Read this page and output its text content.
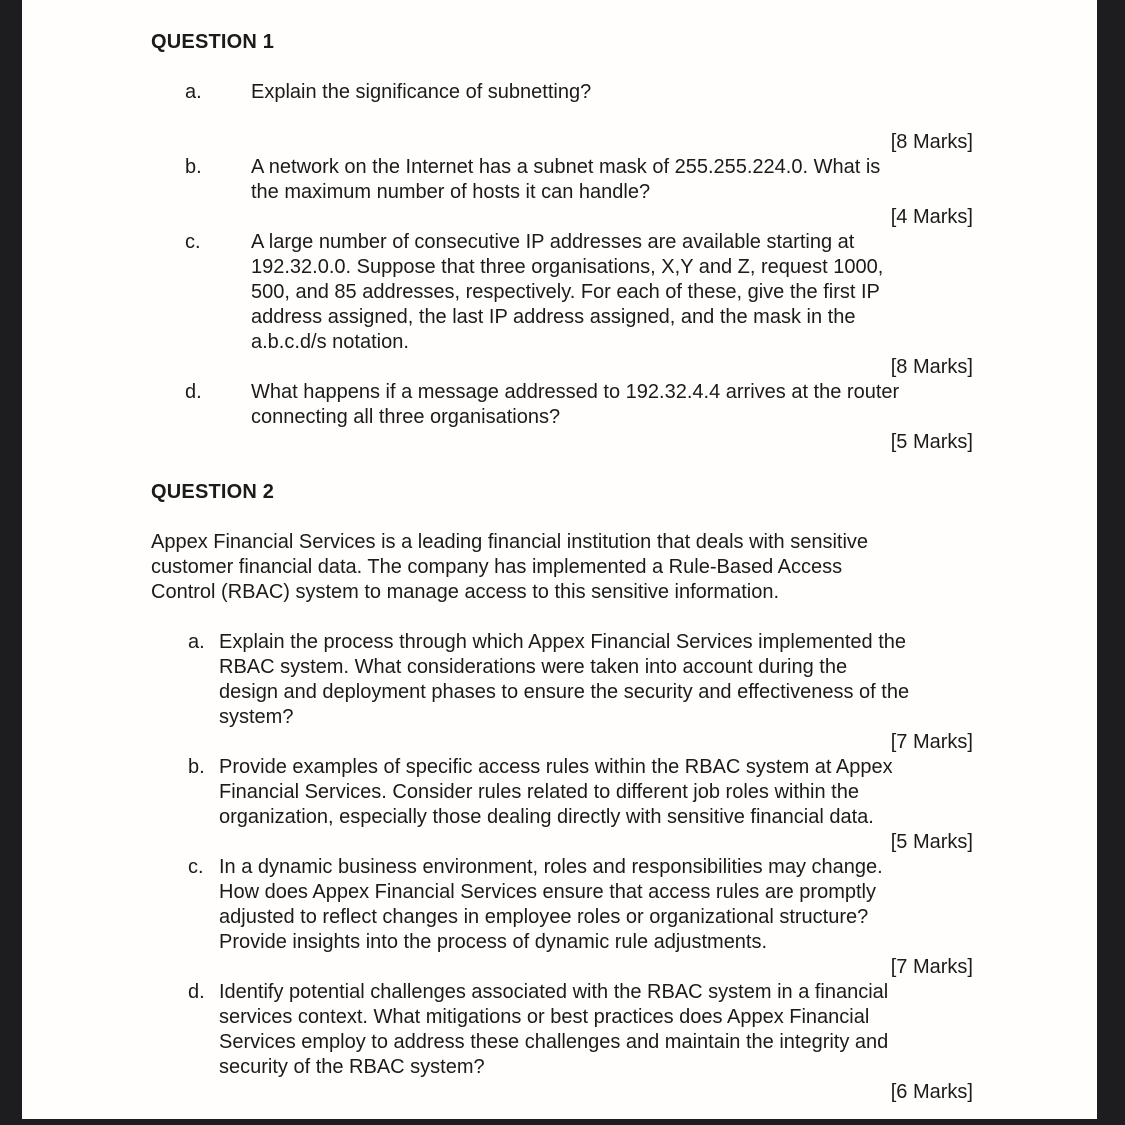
QUESTION 1
a.	Explain the significance of subnetting?
[8 Marks]
b.	A network on the Internet has a subnet mask of 255.255.224.0. What is
the maximum number of hosts it can handle?
[4 Marks]
c.	A large number of consecutive IP addresses are available starting at
192.32.0.0. Suppose that three organisations, X,Y and Z, request 1000,
500, and 85 addresses, respectively. For each of these, give the first IP
address assigned, the last IP address assigned, and the mask in the
a.b.c.d/s notation.
[8 Marks]
d.	What happens if a message addressed to 192.32.4.4 arrives at the router
connecting all three organisations?
[5 Marks]
QUESTION 2
Appex Financial Services is a leading financial institution that deals with sensitive
customer financial data. The company has implemented a Rule-Based Access
Control (RBAC) system to manage access to this sensitive information.
a. Explain the process through which Appex Financial Services implemented the
RBAC system. What considerations were taken into account during the
design and deployment phases to ensure the security and effectiveness of the
system?
[7 Marks]
b. Provide examples of specific access rules within the RBAC system at Appex
Financial Services. Consider rules related to different job roles within the
organization, especially those dealing directly with sensitive financial data.
[5 Marks]
c. In a dynamic business environment, roles and responsibilities may change.
How does Appex Financial Services ensure that access rules are promptly
adjusted to reflect changes in employee roles or organizational structure?
Provide insights into the process of dynamic rule adjustments.
[7 Marks]
d. Identify potential challenges associated with the RBAC system in a financial
services context. What mitigations or best practices does Appex Financial
Services employ to address these challenges and maintain the integrity and
security of the RBAC system?
[6 Marks]
